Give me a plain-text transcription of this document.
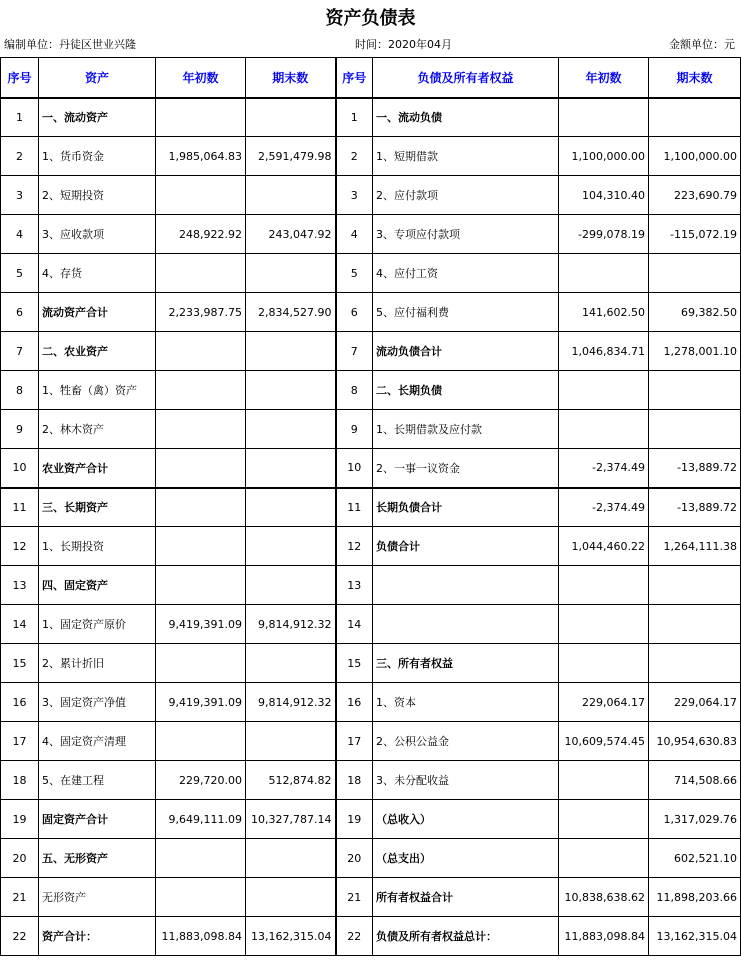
资产负债表
编制单位：丹徒区世业兴隆	时间：2020年04月	金额单位：元
序号	资产	年初数	期末数	序号	负债及所有者权益	年初数	期末数
1	一、流动资产			1	一、流动负债		
2	1、货币资金	1,985,064.83	2,591,479.98	2	1、短期借款	1,100,000.00	1,100,000.00
3	2、短期投资			3	2、应付款项	104,310.40	223,690.79
4	3、应收款项	248,922.92	243,047.92	4	3、专项应付款项	-299,078.19	-115,072.19
5	4、存货			5	4、应付工资		
6	流动资产合计	2,233,987.75	2,834,527.90	6	5、应付福利费	141,602.50	69,382.50
7	二、农业资产			7	流动负债合计	1,046,834.71	1,278,001.10
8	1、牲畜（禽）资产			8	二、长期负债		
9	2、林木资产			9	1、长期借款及应付款		
10	农业资产合计			10	2、一事一议资金	-2,374.49	-13,889.72
11	三、长期资产			11	长期负债合计	-2,374.49	-13,889.72
12	1、长期投资			12	负债合计	1,044,460.22	1,264,111.38
13	四、固定资产			13			
14	1、固定资产原价	9,419,391.09	9,814,912.32	14			
15	2、累计折旧			15	三、所有者权益		
16	3、固定资产净值	9,419,391.09	9,814,912.32	16	1、资本	229,064.17	229,064.17
17	4、固定资产清理			17	2、公积公益金	10,609,574.45	10,954,630.83
18	5、在建工程	229,720.00	512,874.82	18	3、未分配收益		714,508.66
19	固定资产合计	9,649,111.09	10,327,787.14	19	（总收入）		1,317,029.76
20	五、无形资产			20	（总支出）		602,521.10
21	无形资产			21	所有者权益合计	10,838,638.62	11,898,203.66
22	资产合计：	11,883,098.84	13,162,315.04	22	负债及所有者权益总计：	11,883,098.84	13,162,315.04
